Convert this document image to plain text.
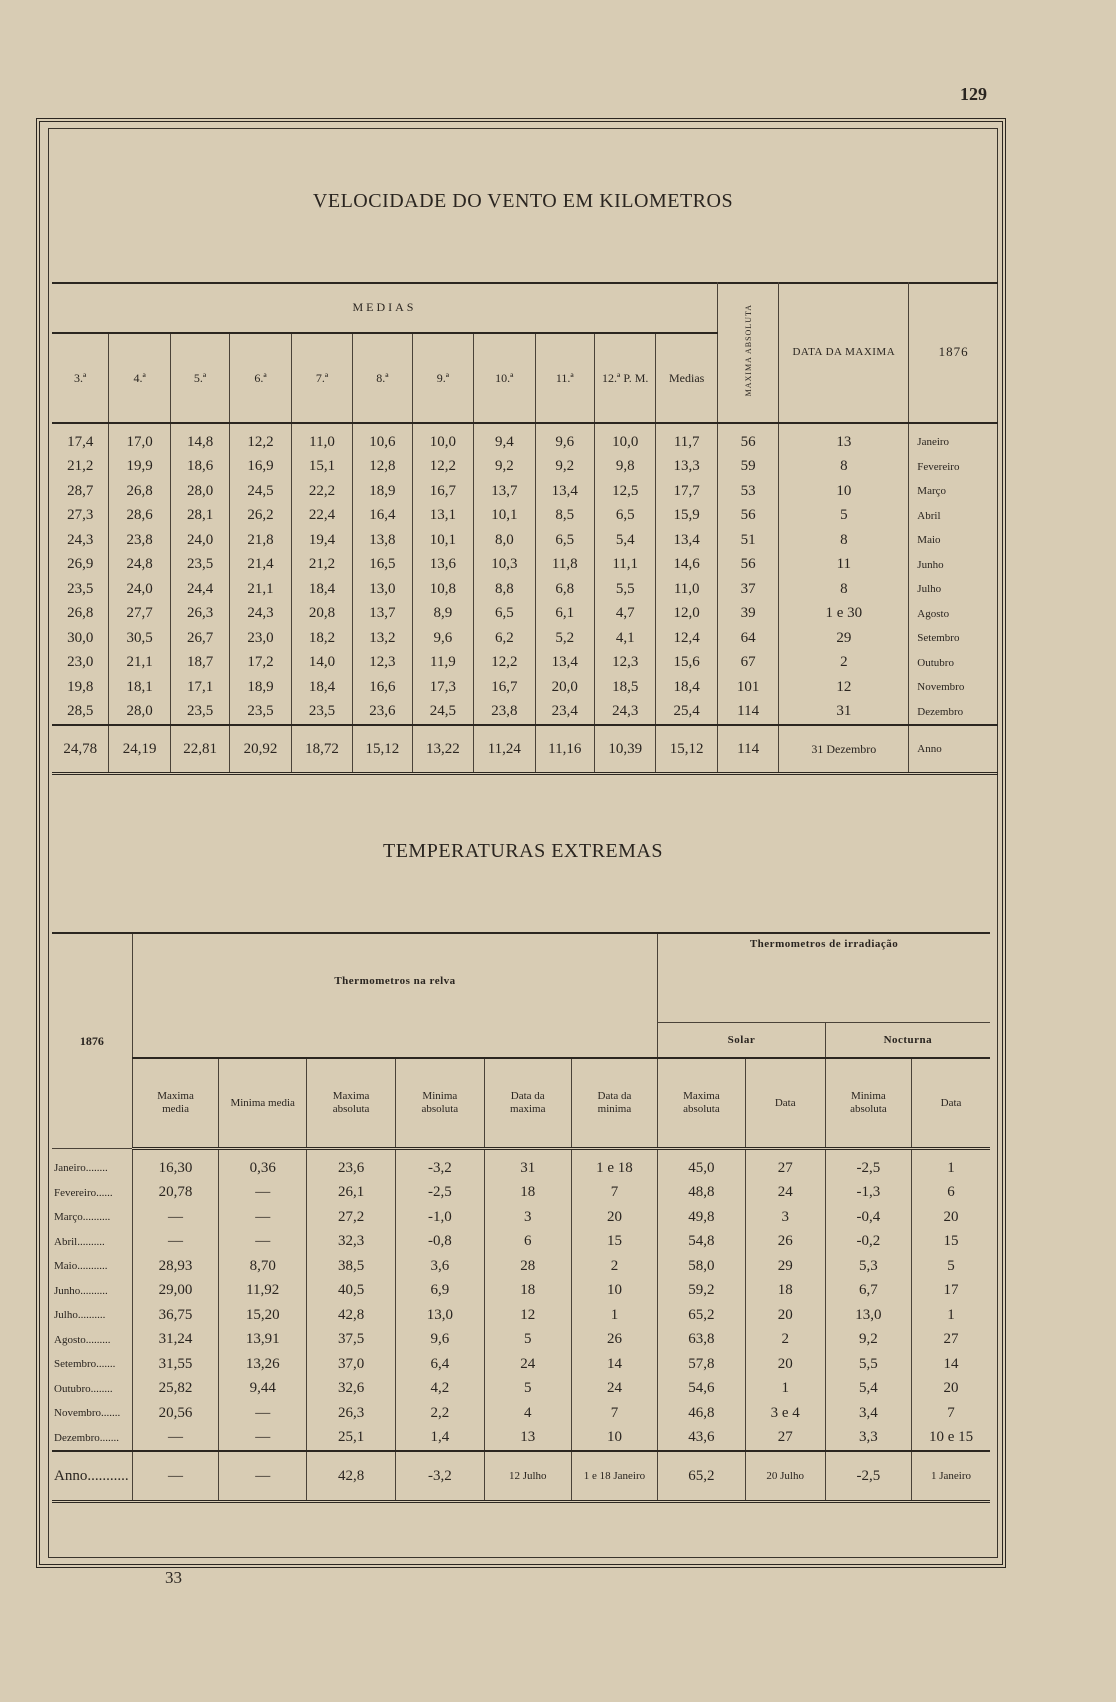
129
VELOCIDADE DO VENTO EM KILOMETROS
MEDIAS											MAXIMA ABSOLUTA	DATA DA MAXIMA	1876
3.ª	4.ª	5.ª	6.ª	7.ª	8.ª	9.ª	10.ª	11.ª	12.ª P. M.	Medias			
17,4	17,0	14,8	12,2	11,0	10,6	10,0	9,4	9,6	10,0	11,7	56	13	Janeiro
21,2	19,9	18,6	16,9	15,1	12,8	12,2	9,2	9,2	9,8	13,3	59	8	Fevereiro
28,7	26,8	28,0	24,5	22,2	18,9	16,7	13,7	13,4	12,5	17,7	53	10	Março
27,3	28,6	28,1	26,2	22,4	16,4	13,1	10,1	8,5	6,5	15,9	56	5	Abril
24,3	23,8	24,0	21,8	19,4	13,8	10,1	8,0	6,5	5,4	13,4	51	8	Maio
26,9	24,8	23,5	21,4	21,2	16,5	13,6	10,3	11,8	11,1	14,6	56	11	Junho
23,5	24,0	24,4	21,1	18,4	13,0	10,8	8,8	6,8	5,5	11,0	37	8	Julho
26,8	27,7	26,3	24,3	20,8	13,7	8,9	6,5	6,1	4,7	12,0	39	1 e 30	Agosto
30,0	30,5	26,7	23,0	18,2	13,2	9,6	6,2	5,2	4,1	12,4	64	29	Setembro
23,0	21,1	18,7	17,2	14,0	12,3	11,9	12,2	13,4	12,3	15,6	67	2	Outubro
19,8	18,1	17,1	18,9	18,4	16,6	17,3	16,7	20,0	18,5	18,4	101	12	Novembro
28,5	28,0	23,5	23,5	23,5	23,6	24,5	23,8	23,4	24,3	25,4	114	31	Dezembro
24,78	24,19	22,81	20,92	18,72	15,12	13,22	11,24	11,16	10,39	15,12	114	31 Dezembro	Anno
TEMPERATURAS EXTREMAS
1876	Thermometros na relva						Thermometros de irradiação			

							Solar		Nocturna	
	Maxima media	Minima media	Maxima absoluta	Minima absoluta	Data da maxima	Data da minima	Maxima absoluta	Data	Minima absoluta	Data
Janeiro........	16,30	0,36	23,6	-3,2	31	1 e 18	45,0	27	-2,5	1
Fevereiro......	20,78	—	26,1	-2,5	18	7	48,8	24	-1,3	6
Março..........	—	—	27,2	-1,0	3	20	49,8	3	-0,4	20
Abril..........	—	—	32,3	-0,8	6	15	54,8	26	-0,2	15
Maio...........	28,93	8,70	38,5	3,6	28	2	58,0	29	5,3	5
Junho..........	29,00	11,92	40,5	6,9	18	10	59,2	18	6,7	17
Julho..........	36,75	15,20	42,8	13,0	12	1	65,2	20	13,0	1
Agosto.........	31,24	13,91	37,5	9,6	5	26	63,8	2	9,2	27
Setembro.......	31,55	13,26	37,0	6,4	24	14	57,8	20	5,5	14
Outubro........	25,82	9,44	32,6	4,2	5	24	54,6	1	5,4	20
Novembro.......	20,56	—	26,3	2,2	4	7	46,8	3 e 4	3,4	7
Dezembro.......	—	—	25,1	1,4	13	10	43,6	27	3,3	10 e 15
Anno...........	—	—	42,8	-3,2	12 Julho	1 e 18 Janeiro	65,2	20 Julho	-2,5	1 Janeiro
33
